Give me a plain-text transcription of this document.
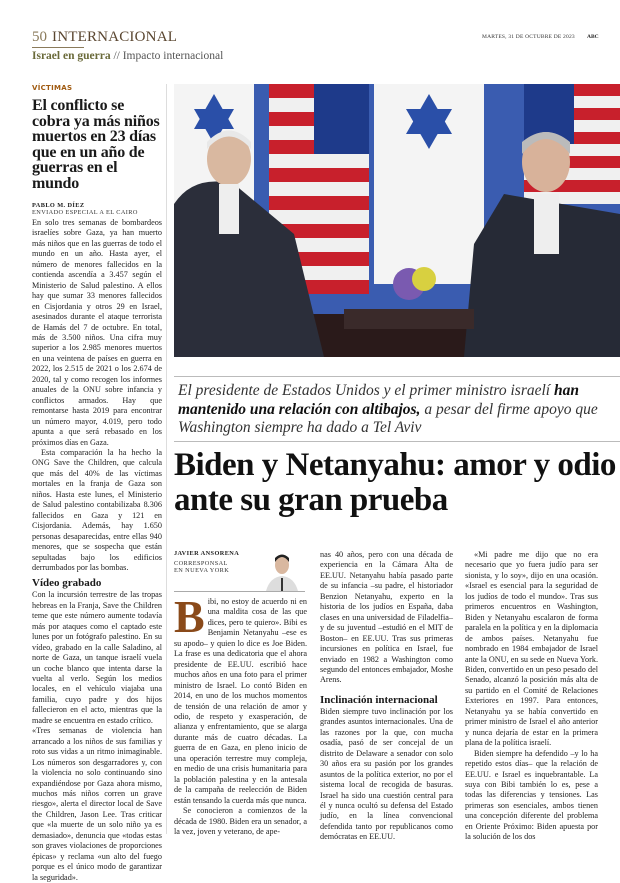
50 INTERNACIONAL	MARTES, 31 DE OCTUBRE DE 2023 ABC
Israel en guerra // Impacto internacional
VÍCTIMAS
El conflicto se cobra ya más niños muertos en 23 días que en un año de guerras en el mundo
PABLO M. DÍEZ
ENVIADO ESPECIAL A EL CAIRO

En solo tres semanas de bombardeos israelíes sobre Gaza, ya han muerto más niños que en las guerras de todo el mundo en un año. Hasta ayer, el número de menores fallecidos en la contienda ascendía a 3.457 según el Ministerio de Salud palestino. A ellos hay que sumar 33 menores fallecidos en Cisjordania y otros 29 en Israel, asesinados durante el ataque terrorista de Hamás del 7 de octubre. En total, más de 3.500 niños. Una cifra muy superior a los 2.985 menores muertos en una veintena de países en guerra en 2022, los 2.515 de 2021 o los 2.674 de 2020, tal y como recogen los informes anuales de la ONU sobre infancia y conflictos armados. Hay que remontarse hasta 2019 para encontrar un número mayor, 4.019, pero todo apunta a que será rebasado en los próximos días en Gaza.

Esta comparación la ha hecho la ONG Save the Children, que calcula que más del 40% de las víctimas mortales en la franja de Gaza son niños. Hasta este lunes, el Ministerio de Salud palestino contabilizaba 8.306 fallecidos en Gaza y 121 en Cisjordania. Además, hay 1.650 personas desaparecidas, entre ellas 940 menores, que se sospecha que están sepultadas bajo los edificios derrumbados por las bombas.

Vídeo grabado

Con la incursión terrestre de las tropas hebreas en la Franja, Save the Children teme que este número aumente todavía más por ataques como el captado este lunes por un fotógrafo palestino. En su vídeo, grabado en la calle Saladino, al norte de Gaza, un tanque israelí vuela un coche blanco que intenta darse la vuelta al verlo. Según los medios locales, en el vehículo viajaba una familia, cuyo padre y dos hijos fallecieron en el acto, mientras que la madre se encuentra en estado crítico.

«Tres semanas de violencia han arrancado a los niños de sus familias y roto sus vidas a un ritmo inimaginable. Los números son desgarradores y, con la violencia no solo continuando sino expandiéndose por Gaza ahora mismo, muchos más niños corren un grave riesgo», alerta el director local de Save the Children, Jason Lee. Tras criticar que «la muerte de un solo niño ya es demasiado», denuncia que «todas estas son graves violaciones de proporciones épicas» y reclama «un alto del fuego porque es el único modo de garantizar la seguridad».

El presidente de Estados Unidos y el primer ministro israelí han mantenido una relación con altibajos, a pesar del firme apoyo que Washington siempre ha dado a Tel Aviv
Biden y Netanyahu: amor y odio ante su gran prueba
JAVIER ANSORENA
CORRESPONSAL
EN NUEVA YORK
B ibi, no estoy de acuerdo ni en una maldita cosa de las que dices, pero te quiero». Bibi es Benjamin Netanyahu –ese es su apodo– y quien lo dice es Joe Biden. La frase es una dedicatoria que el ahora presidente de EE.UU. escribió hace muchos años en una foto para el primer ministro de Israel. Lo contó Biden en 2014, en uno de los muchos momentos de tensión de una relación de amor y odio, de respeto y exasperación, de alianza y enfrentamiento, que se alarga durante más de cuatro décadas. La guerra de en Gaza, en pleno inicio de una operación terrestre muy compleja, en medio de una crisis humanitaria para la población palestina y en la antesala de la campaña de reelección de Biden están tensando la cuerda más que nunca.

Se conocieron a comienzos de la década de 1980. Biden era un senador, a la vez, joven y veterano, de ape-

nas 40 años, pero con una década de experiencia en la Cámara Alta de EE.UU. Netanyahu había pasado parte de su infancia –su padre, el historiador Benzion Netanyahu, experto en la historia de los judíos en España, daba clases en una universidad de Filadelfia– y de su juventud –estudió en el MIT de Boston– en EE.UU. Tras sus primeras incursiones en política en Israel, fue enviado en 1982 a Washington como segundo del entonces embajador, Moshe Arens.

Inclinación internacional

Biden siempre tuvo inclinación por los grandes asuntos internacionales. Una de las razones por la que, con mucha osadía, pasó de ser concejal de un distrito de Delaware a senador con solo 30 años era su pasión por los grandes asuntos de la política exterior, no por el sistema local de recogida de basuras. Israel ha sido una cuestión central para él y nunca ocultó su defensa del Estado judío, en la línea convencional defendida tanto por republicanos como demócratas en EE.UU.

«Mi padre me dijo que no era necesario que yo fuera judío para ser sionista, y lo soy», dijo en una ocasión. «Israel es esencial para la seguridad de los judíos de todo el mundo». Tras sus primeros encuentros en Washington, Biden y Netanyahu escalaron de forma paralela en la política y en la diplomacia de ambos países. Netanyahu fue nombrado en 1984 embajador de Israel ante la ONU, en su sede en Nueva York. Biden, convertido en un peso pesado del Senado, alcanzó la posición más alta de su partido en el Comité de Relaciones Exteriores en 1997. Para entonces, Netanyahu ya se había convertido en primer ministro de Israel el año anterior y nunca dejaría de estar en la primera plana de la política israelí.

Biden siempre ha defendido –y lo ha repetido estos días– que la relación de EE.UU. e Israel es inquebrantable. La suya con Bibi también lo es, pese a todas las diferencias y tensiones. Las primeras son esenciales, ambos tienen una concepción diferente del problema en Oriente Próximo: Biden apuesta por la solución de los dos
